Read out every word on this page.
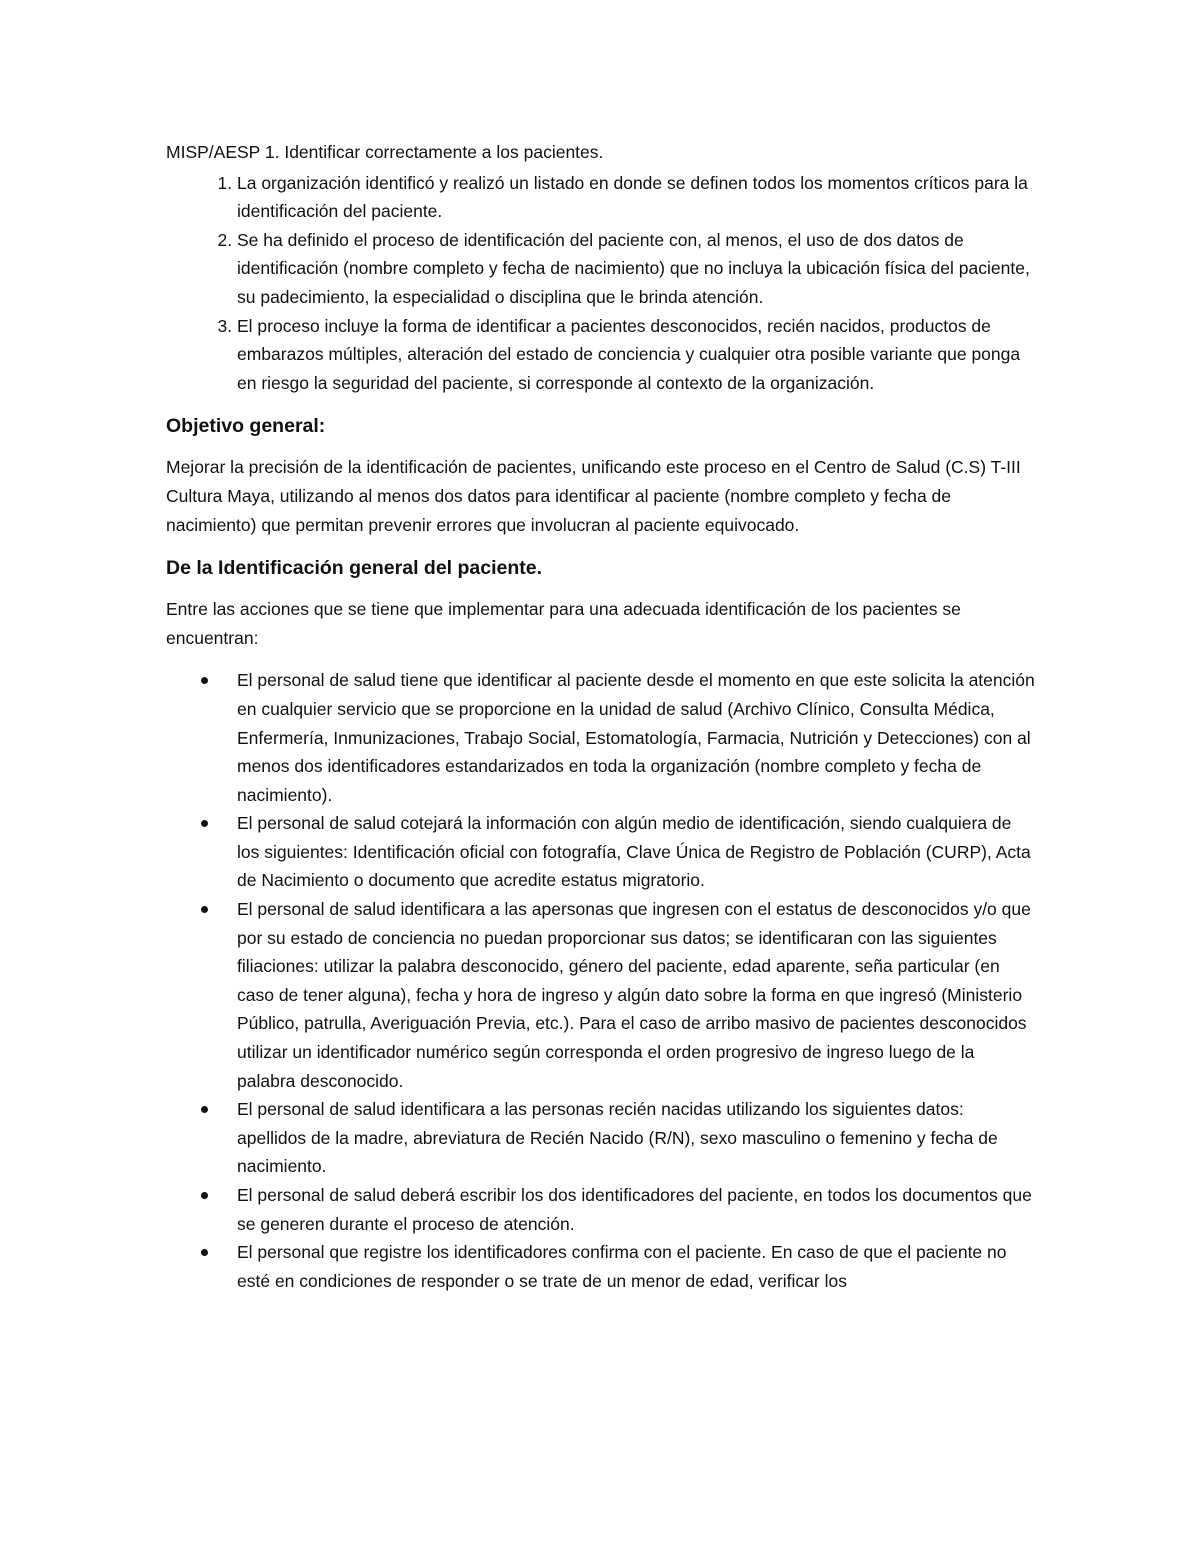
MISP/AESP 1. Identificar correctamente a los pacientes.

1. La organización identificó y realizó un listado en donde se definen todos los momentos críticos para la identificación del paciente.
2. Se ha definido el proceso de identificación del paciente con, al menos, el uso de dos datos de identificación (nombre completo y fecha de nacimiento) que no incluya la ubicación física del paciente, su padecimiento, la especialidad o disciplina que le brinda atención.
3. El proceso incluye la forma de identificar a pacientes desconocidos, recién nacidos, productos de embarazos múltiples, alteración del estado de conciencia y cualquier otra posible variante que ponga en riesgo la seguridad del paciente, si corresponde al contexto de la organización.
Objetivo general:

Mejorar la precisión de la identificación de pacientes, unificando este proceso en el Centro de Salud (C.S) T-III Cultura Maya, utilizando al menos dos datos para identificar al paciente (nombre completo y fecha de nacimiento) que permitan prevenir errores que involucran al paciente equivocado.

De la Identificación general del paciente.

Entre las acciones que se tiene que implementar para una adecuada identificación de los pacientes se encuentran:

El personal de salud tiene que identificar al paciente desde el momento en que este solicita la atención en cualquier servicio que se proporcione en la unidad de salud (Archivo Clínico, Consulta Médica, Enfermería, Inmunizaciones, Trabajo Social, Estomatología, Farmacia, Nutrición y Detecciones) con al menos dos identificadores estandarizados en toda la organización (nombre completo y fecha de nacimiento).
El personal de salud cotejará la información con algún medio de identificación, siendo cualquiera de los siguientes: Identificación oficial con fotografía, Clave Única de Registro de Población (CURP), Acta de Nacimiento o documento que acredite estatus migratorio.
El personal de salud identificara a las apersonas que ingresen con el estatus de desconocidos y/o que por su estado de conciencia no puedan proporcionar sus datos; se identificaran con las siguientes filiaciones: utilizar la palabra desconocido, género del paciente, edad aparente, seña particular (en caso de tener alguna), fecha y hora de ingreso y algún dato sobre la forma en que ingresó (Ministerio Público, patrulla, Averiguación Previa, etc.). Para el caso de arribo masivo de pacientes desconocidos utilizar un identificador numérico según corresponda el orden progresivo de ingreso luego de la palabra desconocido.
El personal de salud identificara a las personas recién nacidas utilizando los siguientes datos: apellidos de la madre, abreviatura de Recién Nacido (R/N), sexo masculino o femenino y fecha de nacimiento.
El personal de salud deberá escribir los dos identificadores del paciente, en todos los documentos que se generen durante el proceso de atención.
El personal que registre los identificadores confirma con el paciente. En caso de que el paciente no esté en condiciones de responder o se trate de un menor de edad, verificar los
